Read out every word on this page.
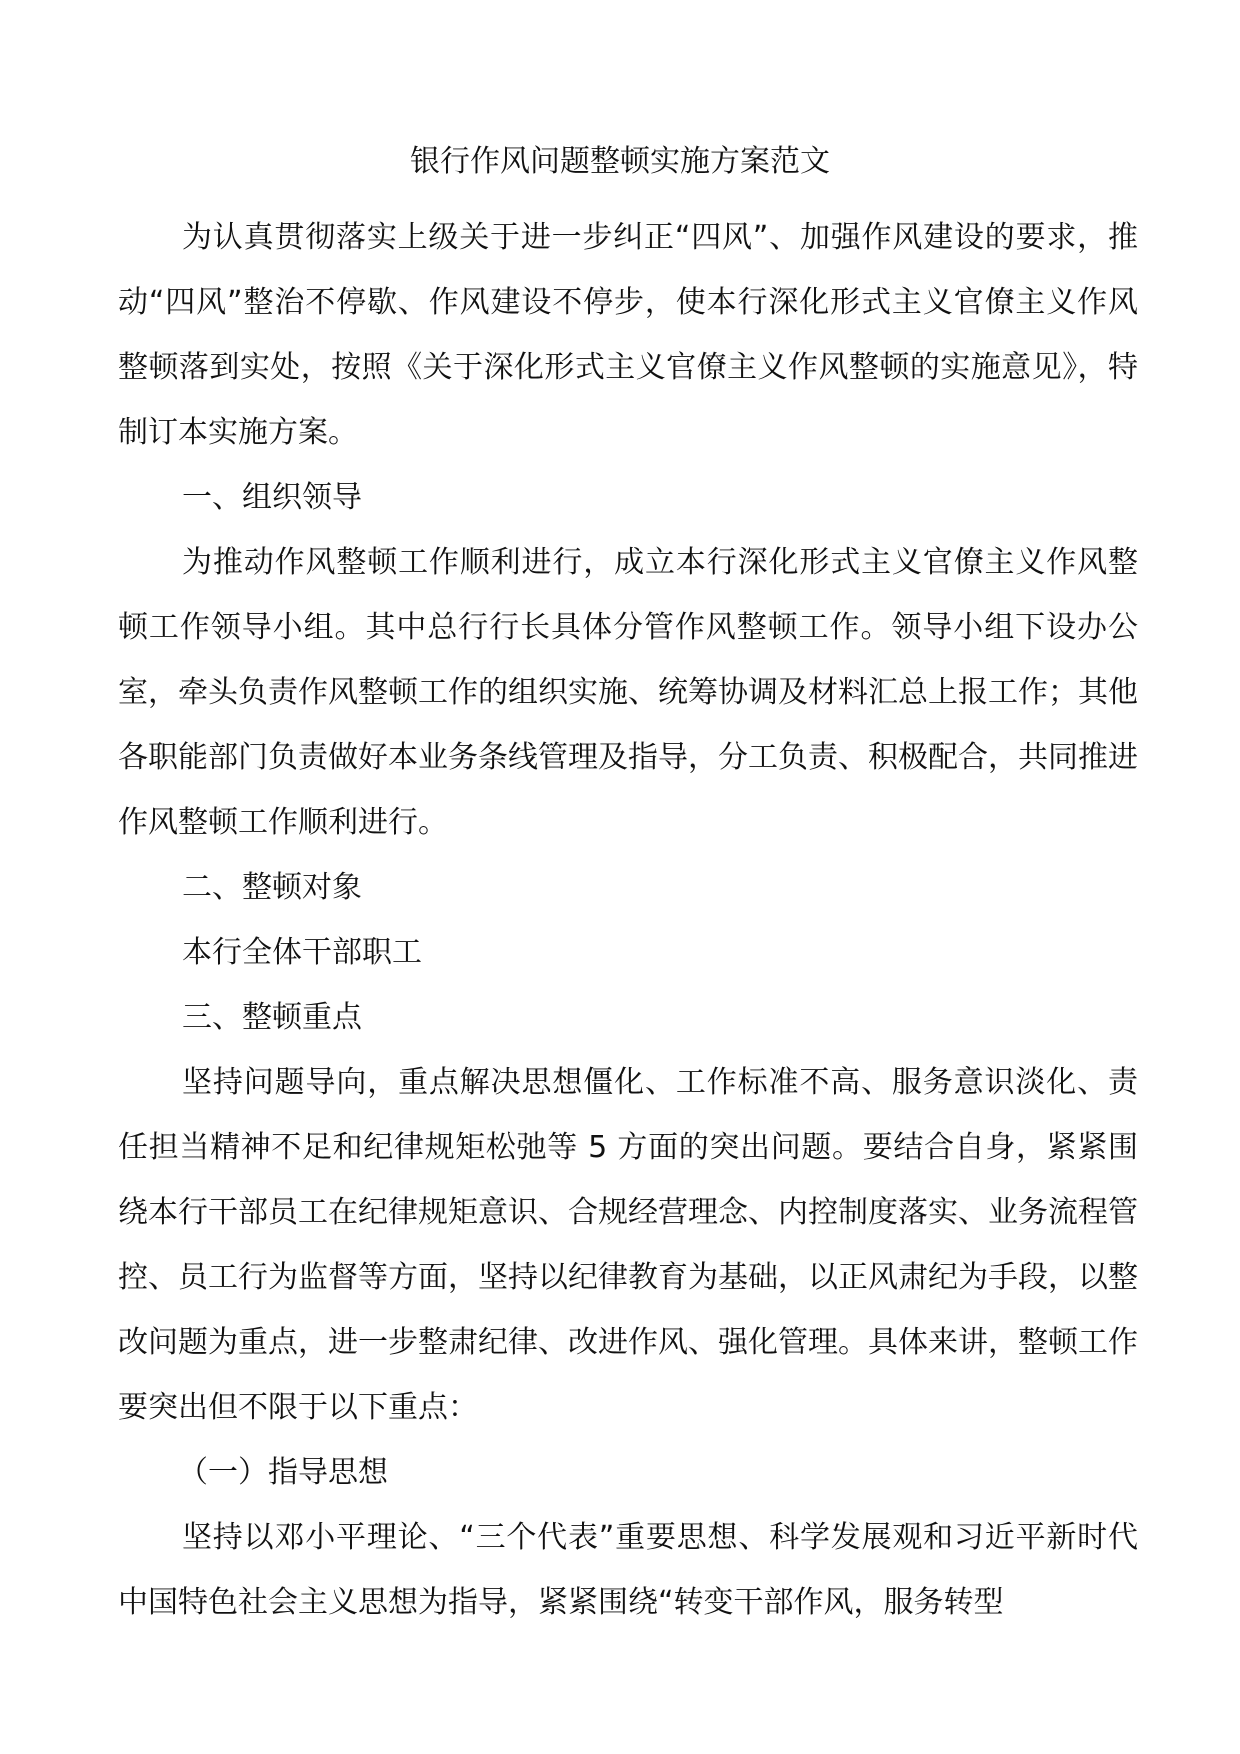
银行作风问题整顿实施方案范文

为认真贯彻落实上级关于进一步纠正“四风”、加强作风建设的要求，推动“四风”整治不停歇、作风建设不停步，使本行深化形式主义官僚主义作风整顿落到实处，按照《关于深化形式主义官僚主义作风整顿的实施意见》，特制订本实施方案。

一、组织领导

为推动作风整顿工作顺利进行，成立本行深化形式主义官僚主义作风整顿工作领导小组。其中总行行长具体分管作风整顿工作。领导小组下设办公室，牵头负责作风整顿工作的组织实施、统筹协调及材料汇总上报工作；其他各职能部门负责做好本业务条线管理及指导，分工负责、积极配合，共同推进作风整顿工作顺利进行。

二、整顿对象

本行全体干部职工

三、整顿重点

坚持问题导向，重点解决思想僵化、工作标准不高、服务意识淡化、责任担当精神不足和纪律规矩松弛等 5 方面的突出问题。要结合自身，紧紧围绕本行干部员工在纪律规矩意识、合规经营理念、内控制度落实、业务流程管控、员工行为监督等方面，坚持以纪律教育为基础，以正风肃纪为手段，以整改问题为重点，进一步整肃纪律、改进作风、强化管理。具体来讲，整顿工作要突出但不限于以下重点：

（一）指导思想

坚持以邓小平理论、“三个代表”重要思想、科学发展观和习近平新时代中国特色社会主义思想为指导，紧紧围绕“转变干部作风，服务转型
